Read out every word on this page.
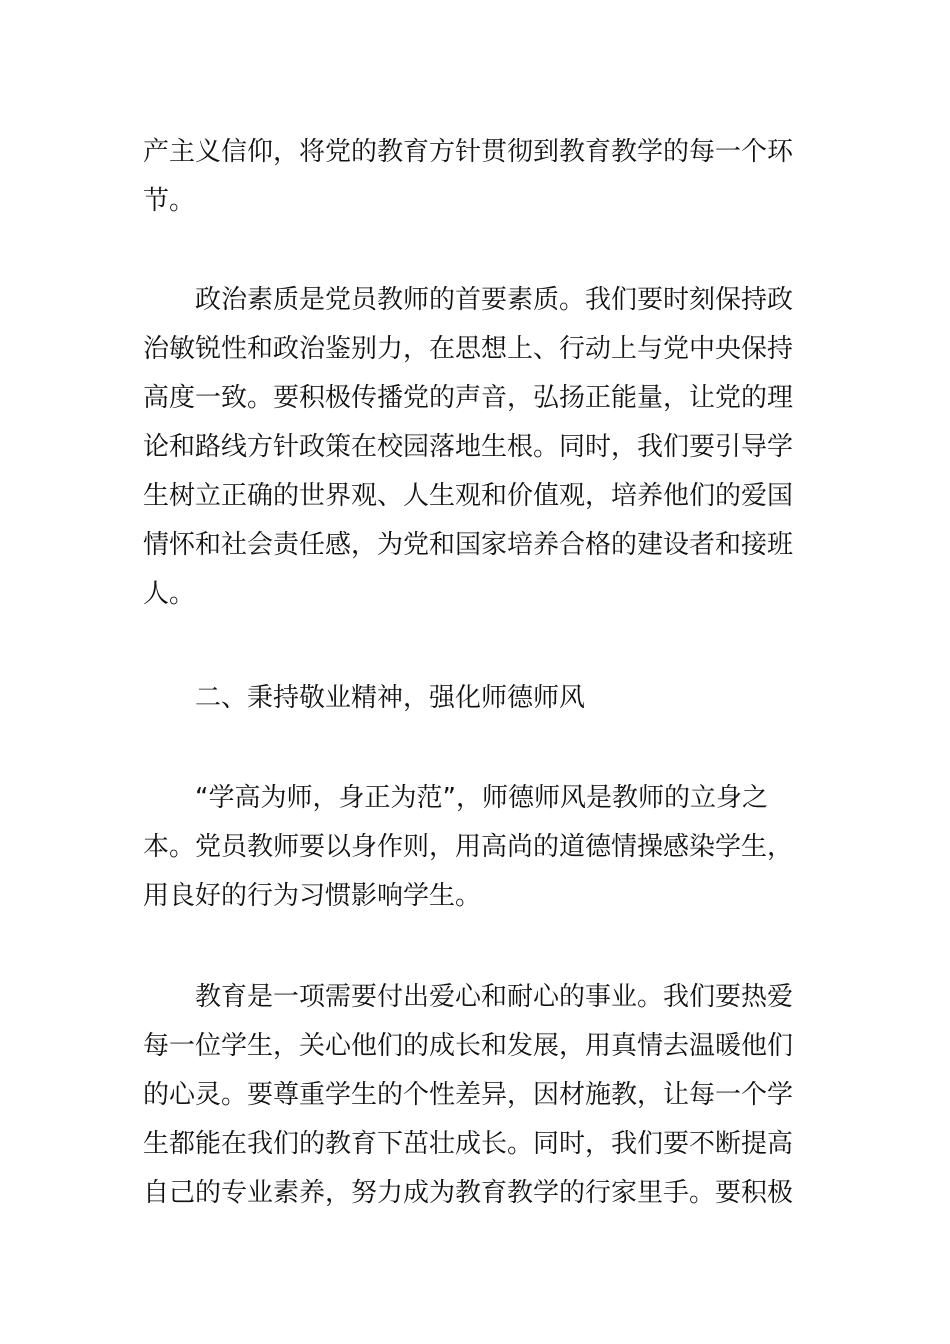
产主义信仰，将党的教育方针贯彻到教育教学的每一个环
节。
　　政治素质是党员教师的首要素质。我们要时刻保持政
治敏锐性和政治鉴别力，在思想上、行动上与党中央保持
高度一致。要积极传播党的声音，弘扬正能量，让党的理
论和路线方针政策在校园落地生根。同时，我们要引导学
生树立正确的世界观、人生观和价值观，培养他们的爱国
情怀和社会责任感，为党和国家培养合格的建设者和接班
人。
　　二、秉持敬业精神，强化师德师风
　　“学高为师，身正为范”，师德师风是教师的立身之
本。党员教师要以身作则，用高尚的道德情操感染学生，
用良好的行为习惯影响学生。
　　教育是一项需要付出爱心和耐心的事业。我们要热爱
每一位学生，关心他们的成长和发展，用真情去温暖他们
的心灵。要尊重学生的个性差异，因材施教，让每一个学
生都能在我们的教育下茁壮成长。同时，我们要不断提高
自己的专业素养，努力成为教育教学的行家里手。要积极
